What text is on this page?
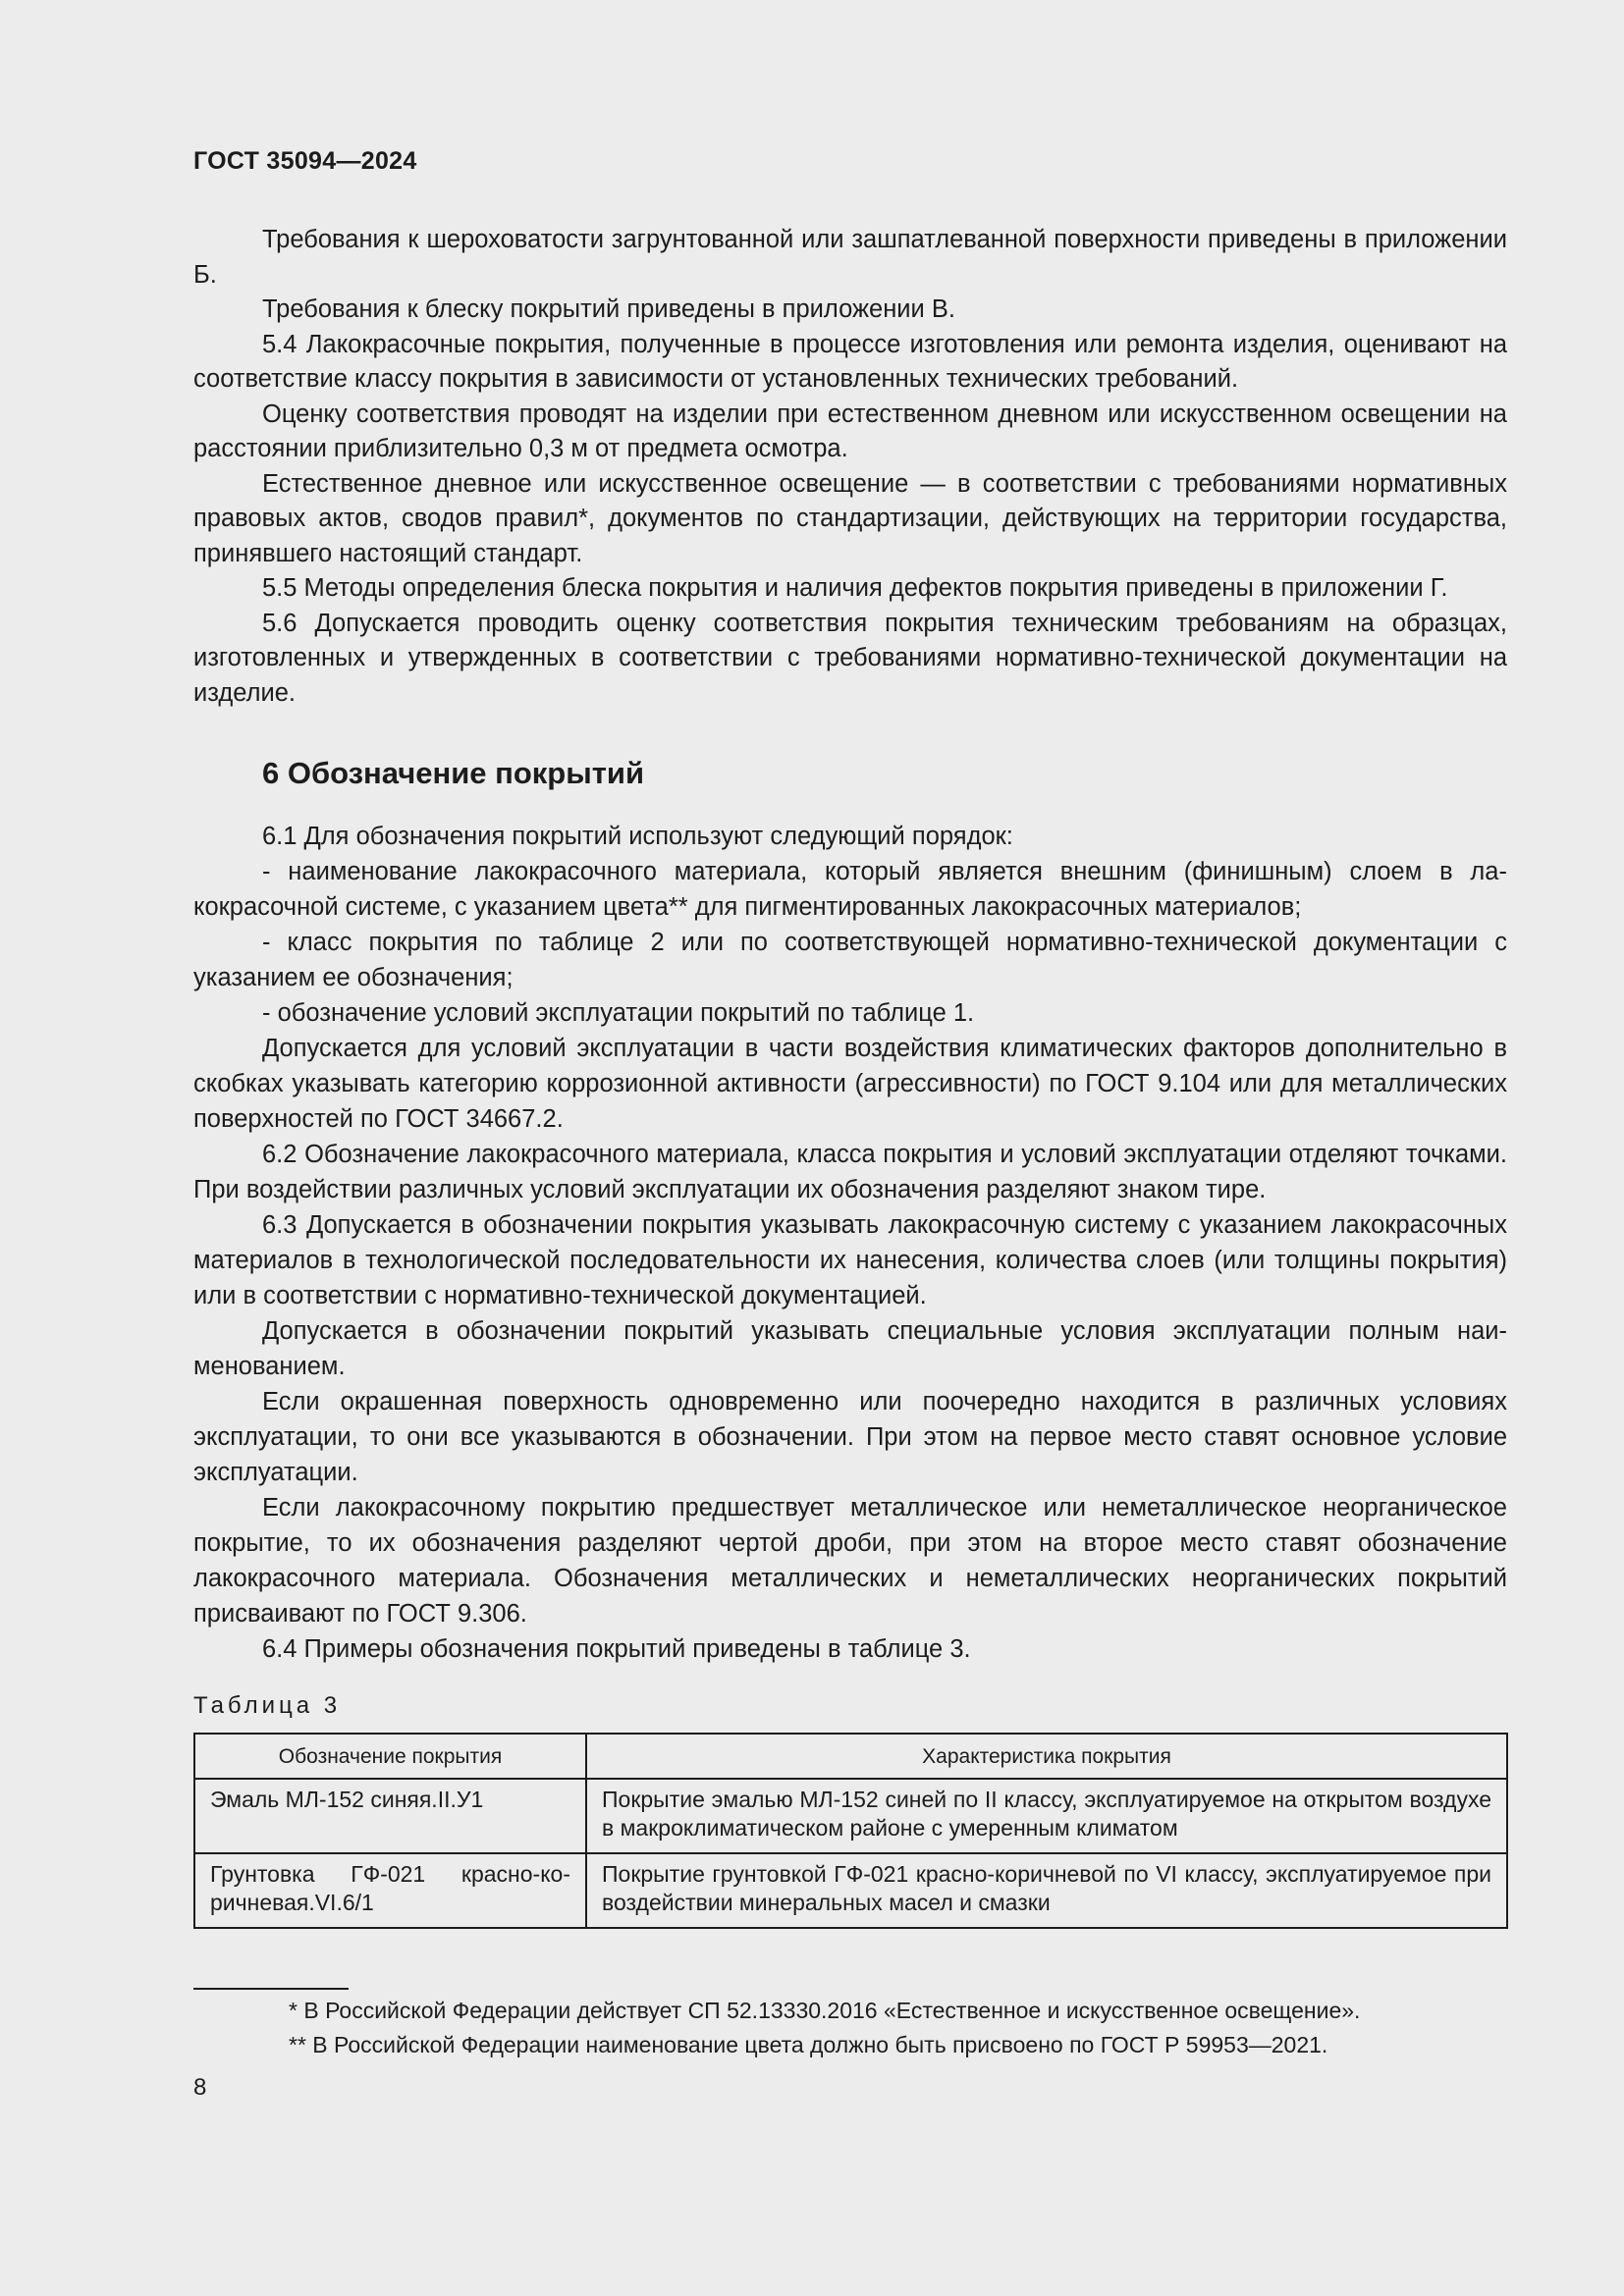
ГОСТ 35094—2024

Требования к шероховатости загрунтованной или зашпатлеванной поверхности приведены в приложении Б.

Требования к блеску покрытий приведены в приложении В.

5.4 Лакокрасочные покрытия, полученные в процессе изготовления или ремонта изделия, оценивают на соответствие классу покрытия в зависимости от установленных технических требований.

Оценку соответствия проводят на изделии при естественном дневном или искусственном освещении на расстоянии приблизительно 0,3 м от предмета осмотра.

Естественное дневное или искусственное освещение — в соответствии с требованиями нормативных правовых актов, сводов правил*, документов по стандартизации, действующих на территории государства, принявшего настоящий стандарт.

5.5 Методы определения блеска покрытия и наличия дефектов покрытия приведены в приложении Г.

5.6 Допускается проводить оценку соответствия покрытия техническим требованиям на образцах, изготовленных и утвержденных в соответствии с требованиями нормативно-технической документации на изделие.

6 Обозначение покрытий

6.1 Для обозначения покрытий используют следующий порядок:

- наименование лакокрасочного материала, который является внешним (финишным) слоем в лакокрасочной системе, с указанием цвета** для пигментированных лакокрасочных материалов;

- класс покрытия по таблице 2 или по соответствующей нормативно-технической документации с указанием ее обозначения;

- обозначение условий эксплуатации покрытий по таблице 1.

Допускается для условий эксплуатации в части воздействия климатических факторов дополнительно в скобках указывать категорию коррозионной активности (агрессивности) по ГОСТ 9.104 или для металлических поверхностей по ГОСТ 34667.2.

6.2 Обозначение лакокрасочного материала, класса покрытия и условий эксплуатации отделяют точками. При воздействии различных условий эксплуатации их обозначения разделяют знаком тире.

6.3 Допускается в обозначении покрытия указывать лакокрасочную систему с указанием лакокрасочных материалов в технологической последовательности их нанесения, количества слоев (или толщины покрытия) или в соответствии с нормативно-технической документацией.

Допускается в обозначении покрытий указывать специальные условия эксплуатации полным наименованием.

Если окрашенная поверхность одновременно или поочередно находится в различных условиях эксплуатации, то они все указываются в обозначении. При этом на первое место ставят основное условие эксплуатации.

Если лакокрасочному покрытию предшествует металлическое или неметаллическое неорганическое покрытие, то их обозначения разделяют чертой дроби, при этом на второе место ставят обозначение лакокрасочного материала. Обозначения металлических и неметаллических неорганических покрытий присваивают по ГОСТ 9.306.

6.4 Примеры обозначения покрытий приведены в таблице 3.

Таблица 3
Обозначение покрытия	Характеристика покрытия
Эмаль МЛ-152 синяя.II.У1	Покрытие эмалью МЛ-152 синей по II классу, эксплуатируемое на открытом воздухе в макроклиматическом районе с умеренным климатом
Грунтовка ГФ-021 красно-коричневая.VI.6/1	Покрытие грунтовкой ГФ-021 красно-коричневой по VI классу, эксплуатируемое при воздействии минеральных масел и смазки

* В Российской Федерации действует СП 52.13330.2016 «Естественное и искусственное освещение».

** В Российской Федерации наименование цвета должно быть присвоено по ГОСТ Р 59953—2021.

8
